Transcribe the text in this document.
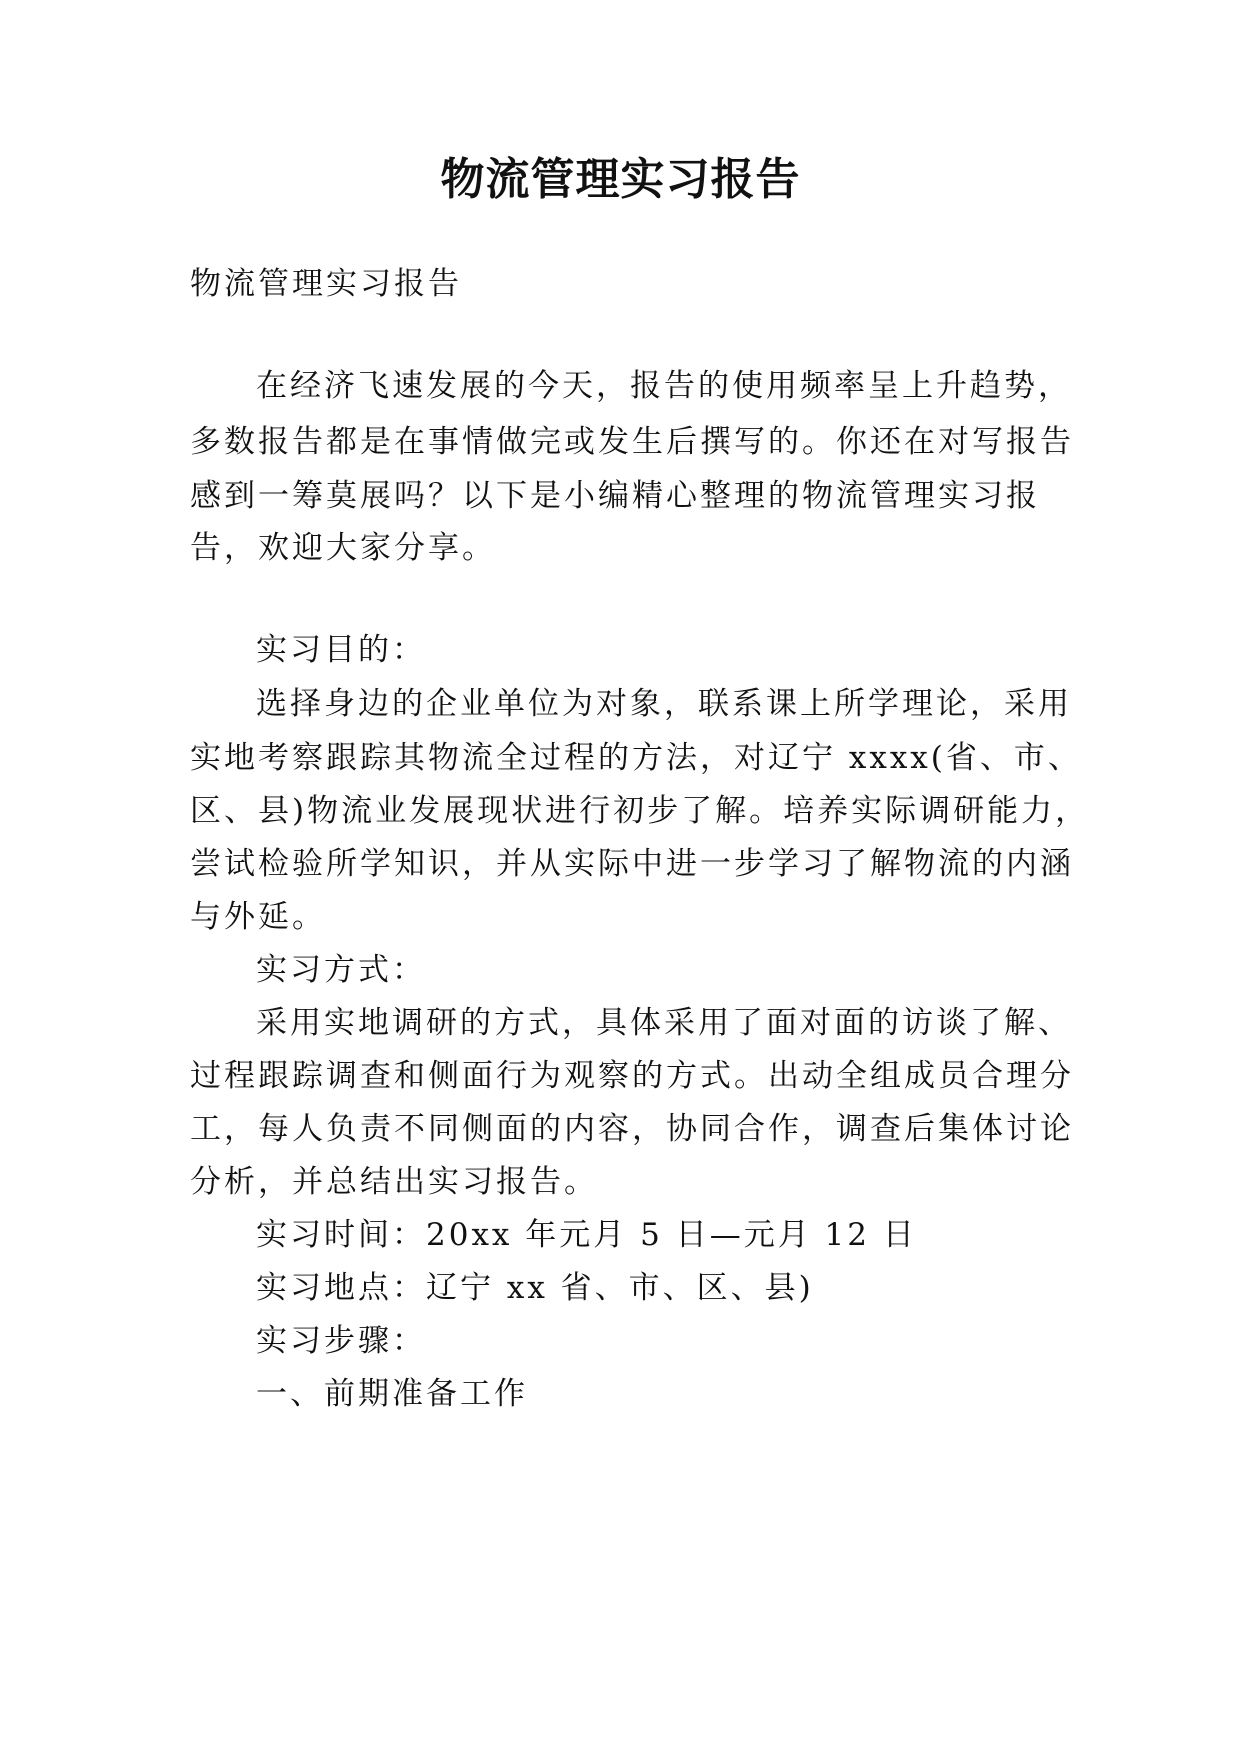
物流管理实习报告
物流管理实习报告
在经济飞速发展的今天，报告的使用频率呈上升趋势，
多数报告都是在事情做完或发生后撰写的。你还在对写报告
感到一筹莫展吗？以下是小编精心整理的物流管理实习报
告，欢迎大家分享。
实习目的：
选择身边的企业单位为对象，联系课上所学理论，采用
实地考察跟踪其物流全过程的方法，对辽宁 xxxx(省、市、
区、县)物流业发展现状进行初步了解。培养实际调研能力，
尝试检验所学知识，并从实际中进一步学习了解物流的内涵
与外延。
实习方式：
采用实地调研的方式，具体采用了面对面的访谈了解、
过程跟踪调查和侧面行为观察的方式。出动全组成员合理分
工，每人负责不同侧面的内容，协同合作，调查后集体讨论
分析，并总结出实习报告。
实习时间：20xx 年元月 5 日—元月 12 日
实习地点：辽宁 xx 省、市、区、县)
实习步骤：
一、前期准备工作
